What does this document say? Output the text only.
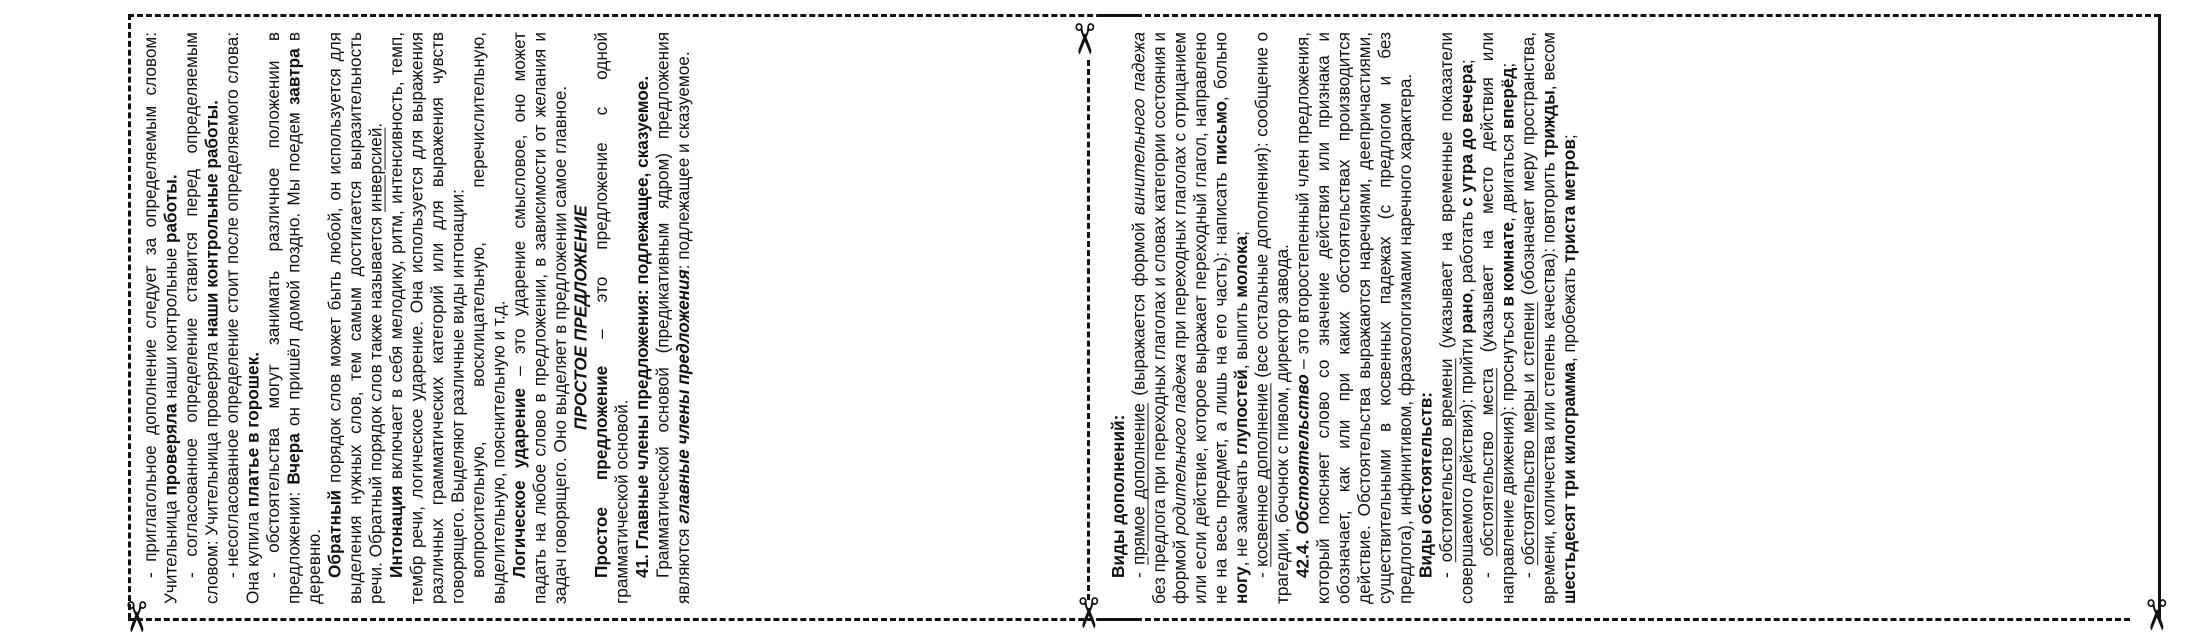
✂
✂
✂	✂

- приглагольное дополнение следует за определяемым словом: Учительница проверяла наши контрольные работы. - согласованное определение ставится перед определяемым словом: Учительница проверяла наши контрольные работы. - несогласованное определение стоит после определяемого слова: Она купила платье в горошек. - обстоятельства могут занимать различное положении в предложении: Вчера он пришёл домой поздно. Мы поедем завтра в деревню. Обратный порядок слов может быть любой, он используется для выделения нужных слов, тем самым достигается выразительность речи. Обратный порядок слов также называется инверсией.

Интонация включает в себя мелодику, ритм, интенсивность, темп, тембр речи, логическое ударение. Она используется для выражения различных грамматических категорий или для выражения чувств говорящего. Выделяют различные виды интонации: вопросительную, восклицательную, перечислительную, выделительную, пояснительную и т.д. Логическое ударение – это ударение смысловое, оно может падать на любое слово в предложении, в зависимости от желания и задач говорящего. Оно выделяет в предложении самое главное. ПРОСТОЕ ПРЕДЛОЖЕНИЕ

Простое предложение – это предложение с одной грамматической основой. 41. Главные члены предложения: подлежащее, сказуемое. Грамматической основой (предикативным ядром) предложения являются главные члены предложения: подлежащее и сказуемое.

Виды дополнений: - прямое дополнение (выражается формой винительного падежа без предлога при переходных глаголах и словах категории состояния и формой родительного падежа при переходных глаголах с отрицанием или если действие, которое выражает переходный глагол, направлено не на весь предмет, а лишь на его часть): написать письмо, больно ногу, не замечать глупостей, выпить молока;

- косвенное дополнение (все остальные дополнения): сообщение о трагедии, бочонок с пивом, директор завода. 42.4. Обстоятельство – это второстепенный член предложения, который поясняет слово со значение действия или признака и обозначает, как или при каких обстоятельствах производится действие. Обстоятельства выражаются наречиями, деепричастиями, существительными в косвенных падежах (с предлогом и без предлога), инфинитивом, фразеологизмами наречного характера. Виды обстоятельств: - обстоятельство времени (указывает на временные показатели совершаемого действия): прийти рано, работать с утра до вечера;

- обстоятельство места (указывает на место действия или направление движения): проснуться в комнате, двигаться вперёд;

- обстоятельство меры и степени (обозначает меру пространства, времени, количества или степень качества): повторить трижды, весом шестьдесят три килограмма, пробежать триста метров;
